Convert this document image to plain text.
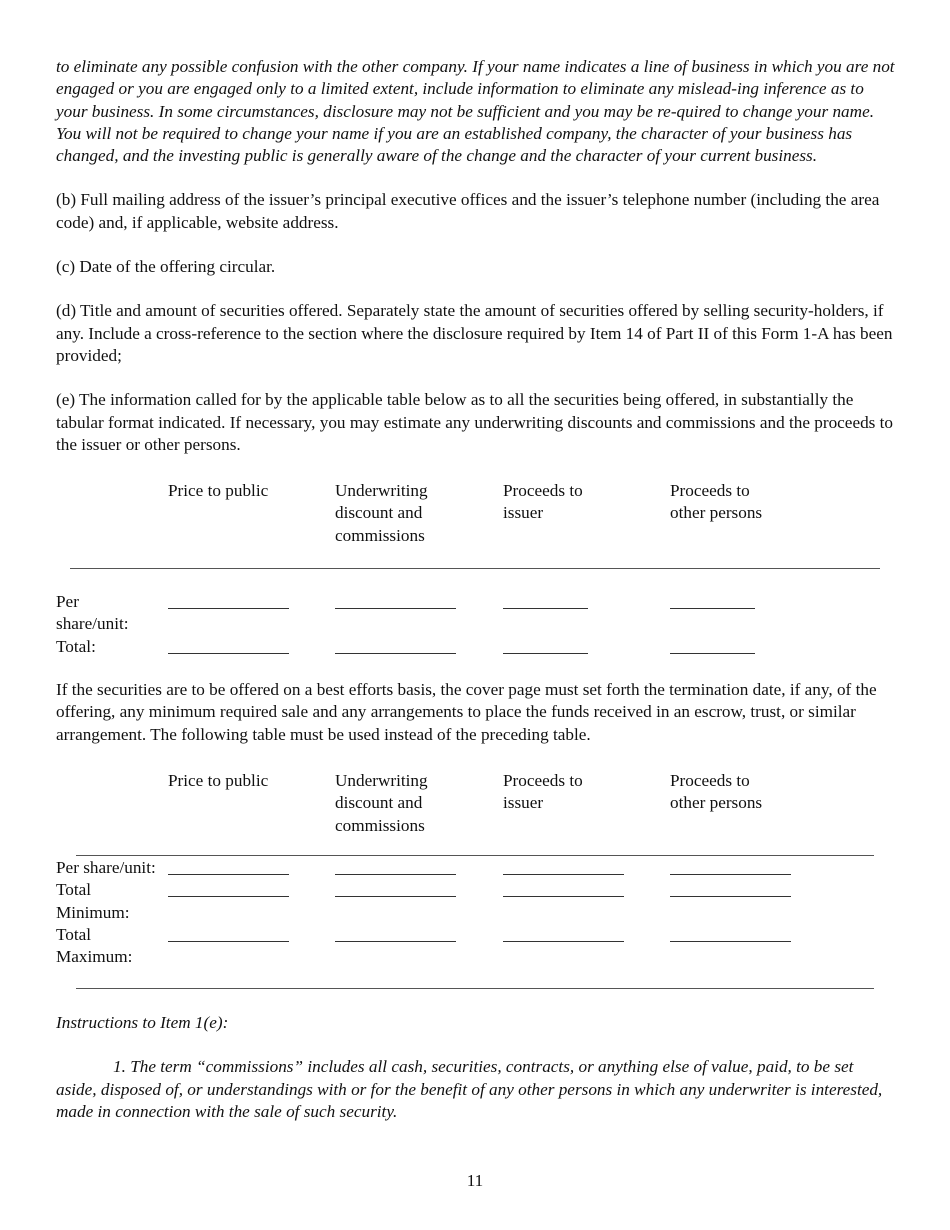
to eliminate any possible confusion with the other company. If your name indicates a line of business in which you are not engaged or you are engaged only to a limited extent, include information to eliminate any mislead-ing inference as to your business. In some circumstances, disclosure may not be sufficient and you may be re-quired to change your name. You will not be required to change your name if you are an established company, the character of your business has changed, and the investing public is generally aware of the change and the character of your current business.

(b) Full mailing address of the issuer’s principal executive offices and the issuer’s telephone number (including the area code) and, if applicable, website address.

(c) Date of the offering circular.

(d) Title and amount of securities offered. Separately state the amount of securities offered by selling security-holders, if any. Include a cross-reference to the section where the disclosure required by Item 14 of Part II of this Form 1-A has been provided;

(e) The information called for by the applicable table below as to all the securities being offered, in substantially the tabular format indicated. If necessary, you may estimate any underwriting discounts and commissions and the proceeds to the issuer or other persons.

Price to public	Underwriting
discount and
commissions
Proceeds to
issuer
Proceeds to
other persons
Per
share/unit:
Total:

If the securities are to be offered on a best efforts basis, the cover page must set forth the termination date, if any, of the offering, any minimum required sale and any arrangements to place the funds received in an escrow, trust, or similar arrangement. The following table must be used instead of the preceding table.

Price to public	Underwriting
discount and
commissions
Proceeds to
issuer
Proceeds to
other persons
Per share/unit:
Total
Minimum:
Total
Maximum:

Instructions to Item 1(e):

1. The term “commissions” includes all cash, securities, contracts, or anything else of value, paid, to be set aside, disposed of, or understandings with or for the benefit of any other persons in which any underwriter is interested, made in connection with the sale of such security.

11
